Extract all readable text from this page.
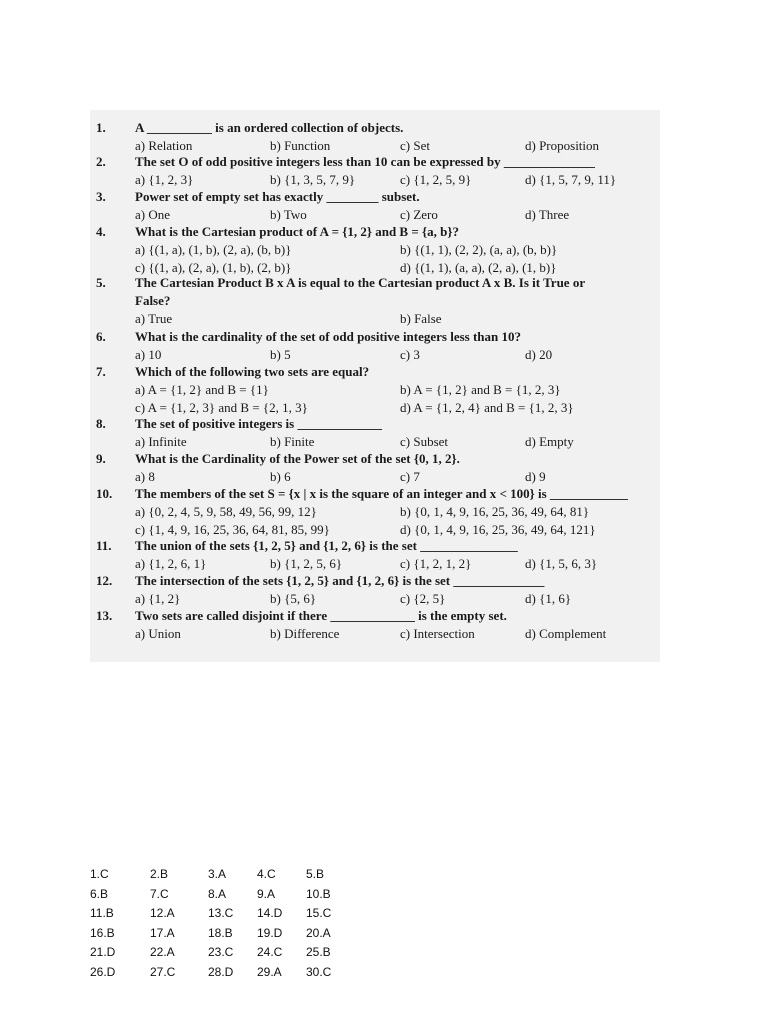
1. A __________ is an ordered collection of objects.
a) Relation	b) Function	c) Set	d) Proposition
2. The set O of odd positive integers less than 10 can be expressed by ______________
a) {1, 2, 3}	b) {1, 3, 5, 7, 9}	c) {1, 2, 5, 9}	d) {1, 5, 7, 9, 11}
3. Power set of empty set has exactly ________ subset.
a) One	b) Two	c) Zero	d) Three
4. What is the Cartesian product of A = {1, 2} and B = {a, b}?
a) {(1, a), (1, b), (2, a), (b, b)}	b) {(1, 1), (2, 2), (a, a), (b, b)}
c) {(1, a), (2, a), (1, b), (2, b)}	d) {(1, 1), (a, a), (2, a), (1, b)}
5. The Cartesian Product B x A is equal to the Cartesian product A x B. Is it True or
False?
a) True	b) False
6. What is the cardinality of the set of odd positive integers less than 10?
a) 10	b) 5	c) 3	d) 20
7. Which of the following two sets are equal?
a) A = {1, 2} and B = {1}	b) A = {1, 2} and B = {1, 2, 3}
c) A = {1, 2, 3} and B = {2, 1, 3}	d) A = {1, 2, 4} and B = {1, 2, 3}
8. The set of positive integers is _____________
a) Infinite	b) Finite	c) Subset	d) Empty
9. What is the Cardinality of the Power set of the set {0, 1, 2}.
a) 8	b) 6	c) 7	d) 9
10. The members of the set S = {x | x is the square of an integer and x < 100} is ____________
a) {0, 2, 4, 5, 9, 58, 49, 56, 99, 12}	b) {0, 1, 4, 9, 16, 25, 36, 49, 64, 81}
c) {1, 4, 9, 16, 25, 36, 64, 81, 85, 99}	d) {0, 1, 4, 9, 16, 25, 36, 49, 64, 121}
11. The union of the sets {1, 2, 5} and {1, 2, 6} is the set _______________
a) {1, 2, 6, 1}	b) {1, 2, 5, 6}	c) {1, 2, 1, 2}	d) {1, 5, 6, 3}
12. The intersection of the sets {1, 2, 5} and {1, 2, 6} is the set ______________
a) {1, 2}	b) {5, 6}	c) {2, 5}	d) {1, 6}
13. Two sets are called disjoint if there _____________ is the empty set.
a) Union	b) Difference	c) Intersection	d) Complement
1.C	2.B	3.A	4.C	5.B
6.B	7.C	8.A	9.A	10.B
11.B	12.A	13.C 14.D 15.C
16.B	17.A	18.B 19.D 20.A
21.D	22.A	23.C 24.C 25.B
26.D	27.C	28.D 29.A 30.C
